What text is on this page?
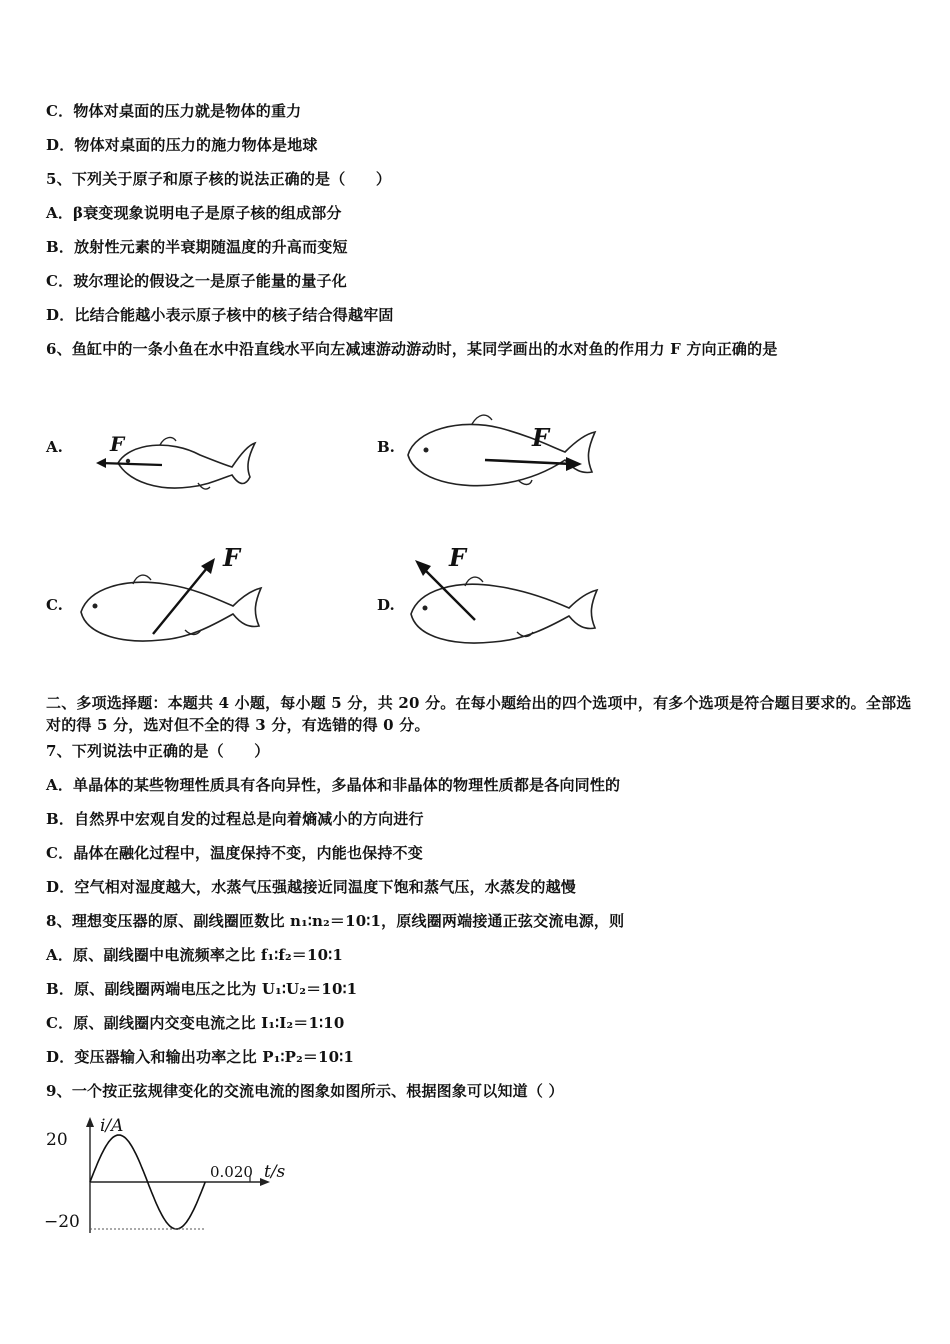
C．物体对桌面的压力就是物体的重力
D．物体对桌面的压力的施力物体是地球
5、下列关于原子和原子核的说法正确的是（　　）
A．β衰变现象说明电子是原子核的组成部分
B．放射性元素的半衰期随温度的升高而变短
C．玻尔理论的假设之一是原子能量的量子化
D．比结合能越小表示原子核中的核子结合得越牢固
6、鱼缸中的一条小鱼在水中沿直线水平向左减速游动游动时，某同学画出的水对鱼的作用力 F 方向正确的是
A.	B.
C.	D.
F	F
F	F
二、多项选择题：本题共 4 小题，每小题 5 分，共 20 分。在每小题给出的四个选项中，有多个选项是符合题目要求的。全部选对的得 5 分，选对但不全的得 3 分，有选错的得 0 分。
7、下列说法中正确的是（　　）
A．单晶体的某些物理性质具有各向异性，多晶体和非晶体的物理性质都是各向同性的
B．自然界中宏观自发的过程总是向着熵减小的方向进行
C．晶体在融化过程中，温度保持不变，内能也保持不变
D．空气相对湿度越大，水蒸气压强越接近同温度下饱和蒸气压，水蒸发的越慢
8、理想变压器的原、副线圈匝数比 n₁∶n₂＝10∶1，原线圈两端接通正弦交流电源，则
A．原、副线圈中电流频率之比 f₁∶f₂＝10∶1
B．原、副线圈两端电压之比为 U₁∶U₂＝10∶1
C．原、副线圈内交变电流之比 I₁∶I₂＝1∶10
D．变压器输入和输出功率之比 P₁∶P₂＝10∶1
9、一个按正弦规律变化的交流电流的图象如图所示、根据图象可以知道（ ）
i/A
20
−20
0.020 t/s
